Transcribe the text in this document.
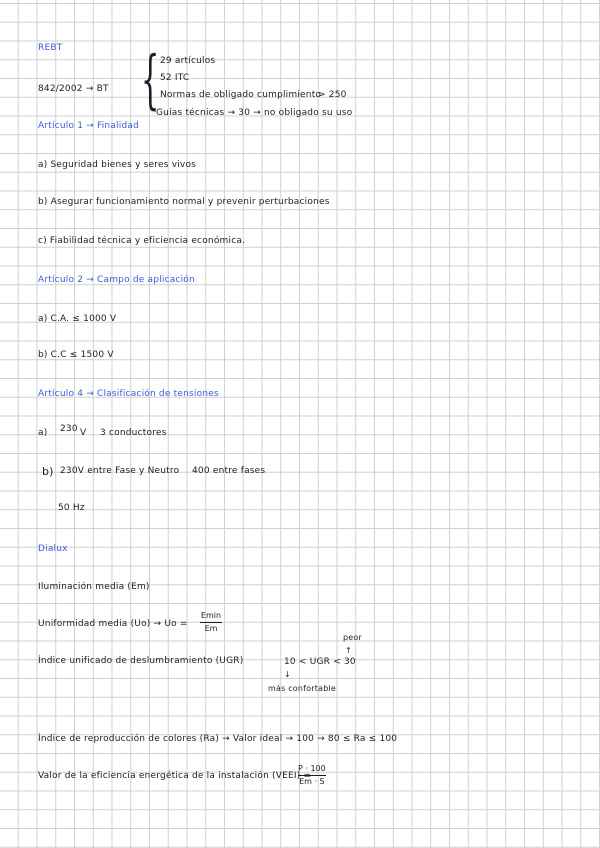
REBT
842/2002 → BT { 29 artículos
52 ITC
Normas de obligado cumplimiento
> 250
Guías técnicas → 30 → no obligado su uso
Artículo 1 → Finalidad
a) Seguridad bienes y seres vivos
b) Asegurar funcionamiento normal y prevenir perturbaciones
c) Fiabilidad técnica y eficiencia económica.
Artículo 2 → Campo de aplicación
a) C.A. ≤ 1000 V
b) C.C ≤ 1500 V
Artículo 4 → Clasificación de tensiones
a) 230 V 3 conductores
b) 230V entre Fase y Neutro 400 entre fases
50 Hz
Dialux
Iluminación media (Em)
Uniformidad media (Uo) → Uo =
Emin
Em
Índice unificado de deslumbramiento (UGR)
peor
↑
10 < UGR < 30
↓
más confortable
Índice de reproducción de colores (Ra) → Valor ideal → 100 → 80 ≤ Ra ≤ 100
Valor de la eficiencia energética de la instalación (VEEI) =
P · 100
Em · S
